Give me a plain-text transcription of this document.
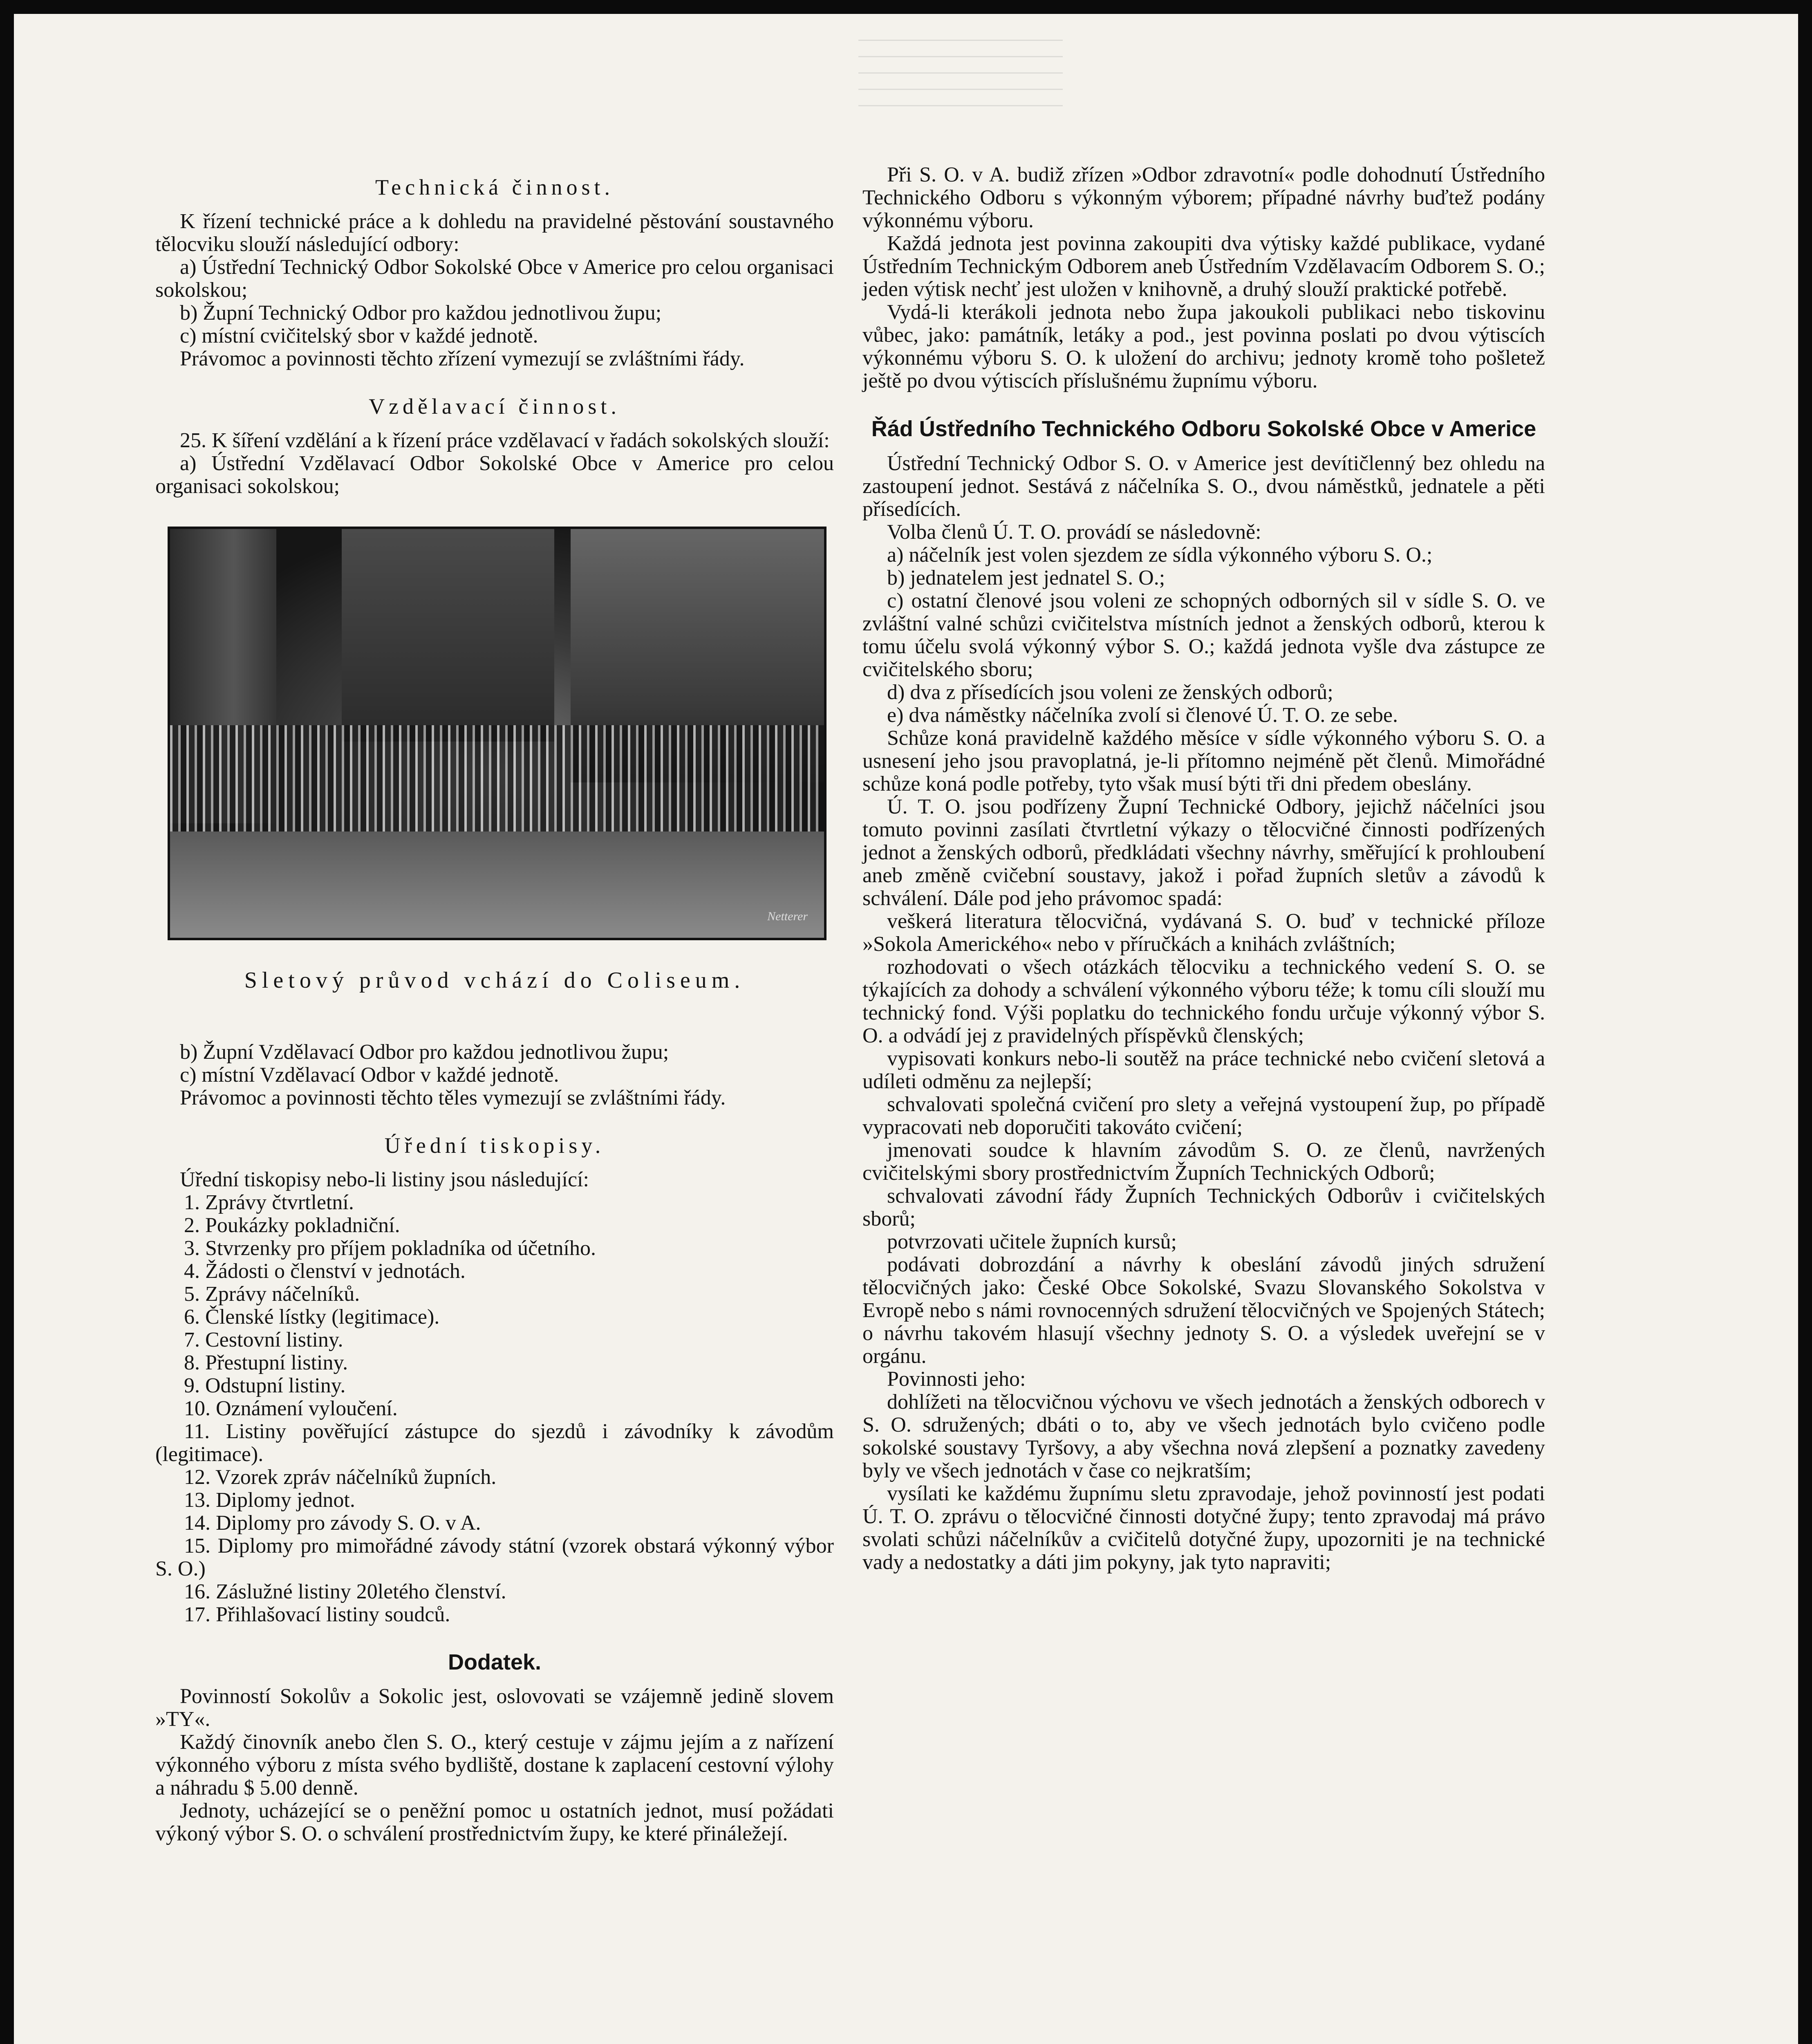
Technická činnost.

K řízení technické práce a k dohledu na pravidelné pěstování soustavného tělocviku slouží následující odbory:

a) Ústřední Technický Odbor Sokolské Obce v Americe pro celou organisaci sokolskou;

b) Župní Technický Odbor pro každou jednotlivou župu;

c) místní cvičitelský sbor v každé jednotě.

Právomoc a povinnosti těchto zřízení vymezují se zvláštními řády.

Vzdělavací činnost.

25. K šíření vzdělání a k řízení práce vzdělavací v řadách sokolských slouží:

a) Ústřední Vzdělavací Odbor Sokolské Obce v Americe pro celou organisaci sokolskou;

Netterer
Sletový průvod vchází do Coliseum.

b) Župní Vzdělavací Odbor pro každou jednotlivou župu;

c) místní Vzdělavací Odbor v každé jednotě.

Právomoc a povinnosti těchto těles vymezují se zvláštními řády.

Úřední tiskopisy.

Úřední tiskopisy nebo-li listiny jsou následující:

1. Zprávy čtvrtletní.

2. Poukázky pokladniční.

3. Stvrzenky pro příjem pokladníka od účetního.

4. Žádosti o členství v jednotách.

5. Zprávy náčelníků.

6. Členské lístky (legitimace).

7. Cestovní listiny.

8. Přestupní listiny.

9. Odstupní listiny.

10. Oznámení vyloučení.

11. Listiny pověřující zástupce do sjezdů i závodníky k závodům (legitimace).

12. Vzorek zpráv náčelníků župních.

13. Diplomy jednot.

14. Diplomy pro závody S. O. v A.

15. Diplomy pro mimořádné závody státní (vzorek obstará výkonný výbor S. O.)

16. Záslužné listiny 20letého členství.

17. Přihlašovací listiny soudců.

Dodatek.

Povinností Sokolův a Sokolic jest, oslovovati se vzájemně jedině slovem »TY«.

Každý činovník anebo člen S. O., který cestuje v zájmu jejím a z nařízení výkonného výboru z místa svého bydliště, dostane k zaplacení cestovní výlohy a náhradu $ 5.00 denně.

Jednoty, ucházející se o peněžní pomoc u ostatních jednot, musí požádati výkoný výbor S. O. o schválení prostřednictvím župy, ke které přináležejí.

Při S. O. v A. budiž zřízen »Odbor zdravotní« podle dohodnutí Ústředního Technického Odboru s výkonným výborem; případné návrhy buďtež podány výkonnému výboru.

Každá jednota jest povinna zakoupiti dva výtisky každé publikace, vydané Ústředním Technickým Odborem aneb Ústředním Vzdělavacím Odborem S. O.; jeden výtisk nechť jest uložen v knihovně, a druhý slouží praktické potřebě.

Vydá-li kterákoli jednota nebo župa jakoukoli publikaci nebo tiskovinu vůbec, jako: památník, letáky a pod., jest povinna poslati po dvou výtiscích výkonnému výboru S. O. k uložení do archivu; jednoty kromě toho pošletež ještě po dvou výtiscích příslušnému župnímu výboru.

Řád Ústředního Technického Odboru Sokolské Obce v Americe

Ústřední Technický Odbor S. O. v Americe jest devítičlenný bez ohledu na zastoupení jednot. Sestává z náčelníka S. O., dvou náměstků, jednatele a pěti přísedících.

Volba členů Ú. T. O. provádí se následovně:

a) náčelník jest volen sjezdem ze sídla výkonného výboru S. O.;

b) jednatelem jest jednatel S. O.;

c) ostatní členové jsou voleni ze schopných odborných sil v sídle S. O. ve zvláštní valné schůzi cvičitelstva místních jednot a ženských odborů, kterou k tomu účelu svolá výkonný výbor S. O.; každá jednota vyšle dva zástupce ze cvičitelského sboru;

d) dva z přísedících jsou voleni ze ženských odborů;

e) dva náměstky náčelníka zvolí si členové Ú. T. O. ze sebe.

Schůze koná pravidelně každého měsíce v sídle výkonného výboru S. O. a usnesení jeho jsou pravoplatná, je-li přítomno nejméně pět členů. Mimořádné schůze koná podle potřeby, tyto však musí býti tři dni předem obeslány.

Ú. T. O. jsou podřízeny Župní Technické Odbory, jejichž náčelníci jsou tomuto povinni zasílati čtvrtletní výkazy o tělocvičné činnosti podřízených jednot a ženských odborů, předkládati všechny návrhy, směřující k prohloubení aneb změně cvičební soustavy, jakož i pořad župních sletův a závodů k schválení. Dále pod jeho právomoc spadá:

veškerá literatura tělocvičná, vydávaná S. O. buď v technické příloze »Sokola Amerického« nebo v příručkách a knihách zvláštních;

rozhodovati o všech otázkách tělocviku a technického vedení S. O. se týkajících za dohody a schválení výkonného výboru téže; k tomu cíli slouží mu technický fond. Výši poplatku do technického fondu určuje výkonný výbor S. O. a odvádí jej z pravidelných příspěvků členských;

vypisovati konkurs nebo-li soutěž na práce technické nebo cvičení sletová a udíleti odměnu za nejlepší;

schvalovati společná cvičení pro slety a veřejná vystoupení žup, po případě vypracovati neb doporučiti takováto cvičení;

jmenovati soudce k hlavním závodům S. O. ze členů, navržených cvičitelskými sbory prostřednictvím Župních Technických Odborů;

schvalovati závodní řády Župních Technických Odborův i cvičitelských sborů;

potvrzovati učitele župních kursů;

podávati dobrozdání a návrhy k obeslání závodů jiných sdružení tělocvičných jako: České Obce Sokolské, Svazu Slovanského Sokolstva v Evropě nebo s námi rovnocenných sdružení tělocvičných ve Spojených Státech; o návrhu takovém hlasují všechny jednoty S. O. a výsledek uveřejní se v orgánu.

Povinnosti jeho:

dohlížeti na tělocvičnou výchovu ve všech jednotách a ženských odborech v S. O. sdružených; dbáti o to, aby ve všech jednotách bylo cvičeno podle sokolské soustavy Tyršovy, a aby všechna nová zlepšení a poznatky zavedeny byly ve všech jednotách v čase co nejkratším;

vysílati ke každému župnímu sletu zpravodaje, jehož povinností jest podati Ú. T. O. zprávu o tělocvičné činnosti dotyčné župy; tento zpravodaj má právo svolati schůzi náčelníkův a cvičitelů dotyčné župy, upozorniti je na technické vady a nedostatky a dáti jim pokyny, jak tyto napraviti;
